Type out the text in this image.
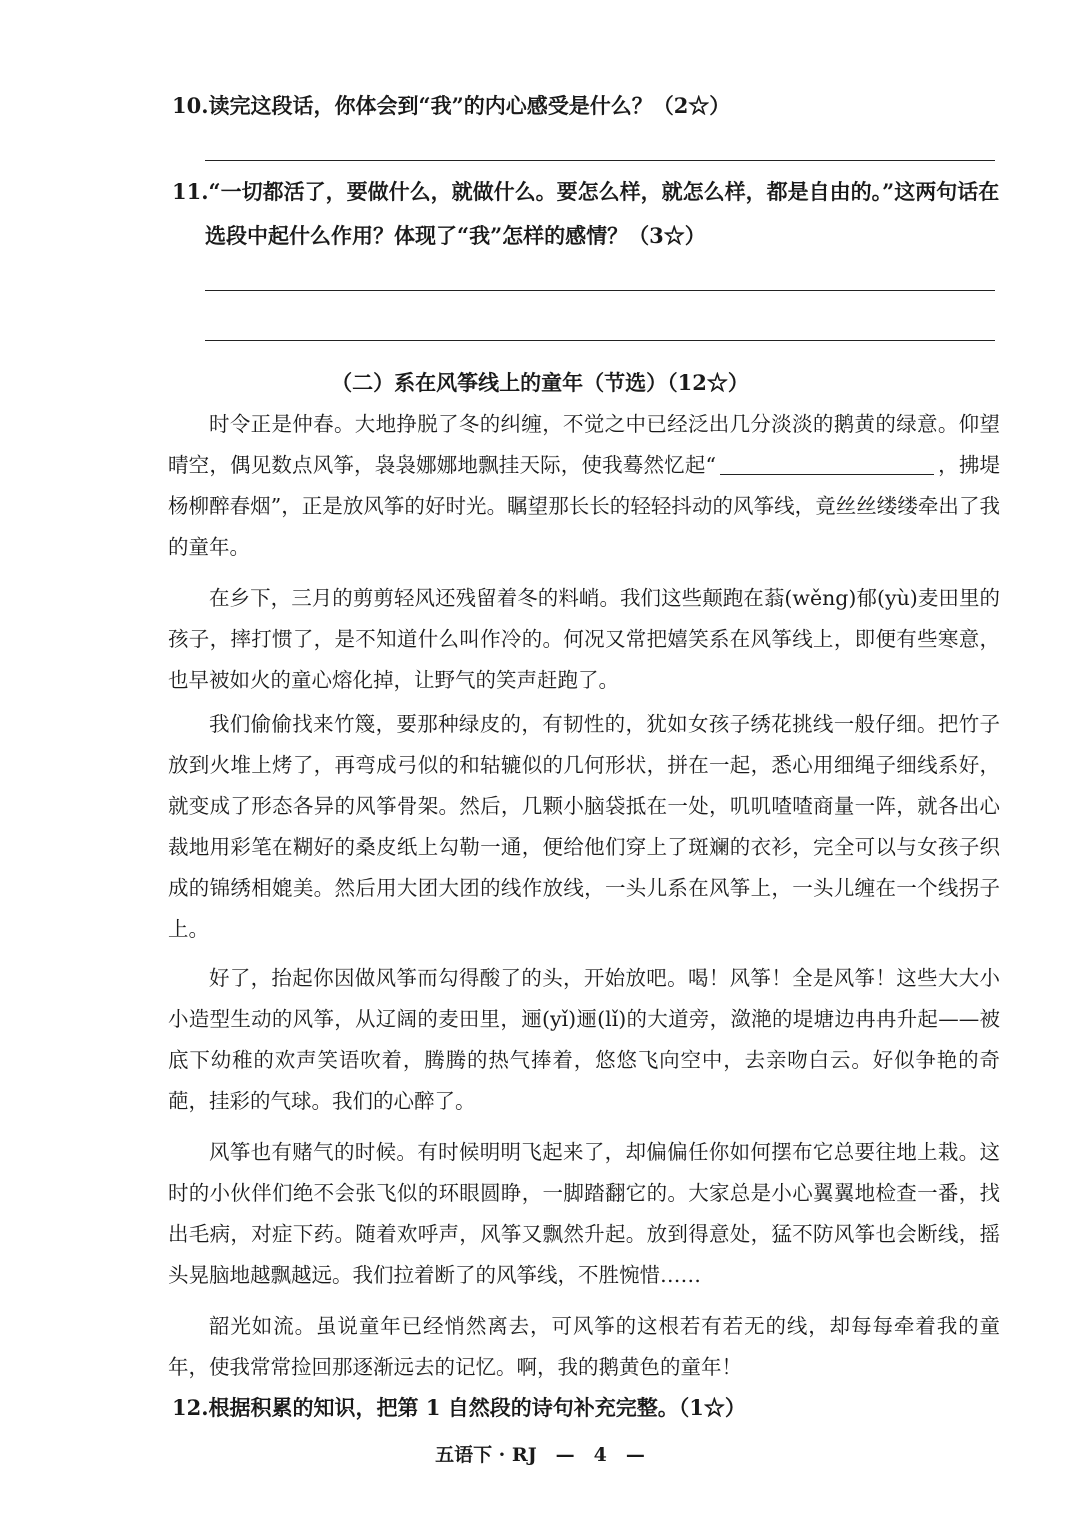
10.读完这段话，你体会到“我”的内心感受是什么？（2☆）
11.“一切都活了，要做什么，就做什么。要怎么样，就怎么样，都是自由的。”这两句话在
选段中起什么作用？体现了“我”怎样的感情？（3☆）
（二）系在风筝线上的童年（节选）（12☆）
时令正是仲春。大地挣脱了冬的纠缠，不觉之中已经泛出几分淡淡的鹅黄的绿意。仰望晴空，偶见数点风筝，袅袅娜娜地飘挂天际，使我蓦然忆起“	，拂堤杨柳醉春烟”，正是放风筝的好时光。瞩望那长长的轻轻抖动的风筝线，竟丝丝缕缕牵出了我的童年。
在乡下，三月的剪剪轻风还残留着冬的料峭。我们这些颠跑在蓊(wěng)郁(yù)麦田里的孩子，摔打惯了，是不知道什么叫作冷的。何况又常把嬉笑系在风筝线上，即便有些寒意，也早被如火的童心熔化掉，让野气的笑声赶跑了。
我们偷偷找来竹篾，要那种绿皮的，有韧性的，犹如女孩子绣花挑线一般仔细。把竹子放到火堆上烤了，再弯成弓似的和轱辘似的几何形状，拼在一起，悉心用细绳子细线系好，就变成了形态各异的风筝骨架。然后，几颗小脑袋抵在一处，叽叽喳喳商量一阵，就各出心裁地用彩笔在糊好的桑皮纸上勾勒一通，便给他们穿上了斑斓的衣衫，完全可以与女孩子织成的锦绣相媲美。然后用大团大团的线作放线，一头儿系在风筝上，一头儿缠在一个线拐子上。
好了，抬起你因做风筝而勾得酸了的头，开始放吧。喝！风筝！全是风筝！这些大大小小造型生动的风筝，从辽阔的麦田里，逦(yǐ)逦(lǐ)的大道旁，潋滟的堤塘边冉冉升起——被底下幼稚的欢声笑语吹着，腾腾的热气捧着，悠悠飞向空中，去亲吻白云。好似争艳的奇葩，挂彩的气球。我们的心醉了。
风筝也有赌气的时候。有时候明明飞起来了，却偏偏任你如何摆布它总要往地上栽。这时的小伙伴们绝不会张飞似的环眼圆睁，一脚踏翻它的。大家总是小心翼翼地检查一番，找出毛病，对症下药。随着欢呼声，风筝又飘然升起。放到得意处，猛不防风筝也会断线，摇头晃脑地越飘越远。我们拉着断了的风筝线，不胜惋惜……
韶光如流。虽说童年已经悄然离去，可风筝的这根若有若无的线，却每每牵着我的童年，使我常常捡回那逐渐远去的记忆。啊，我的鹅黄色的童年！
12.根据积累的知识，把第 1 自然段的诗句补充完整。（1☆）
五语下 · RJ　—　4　—
